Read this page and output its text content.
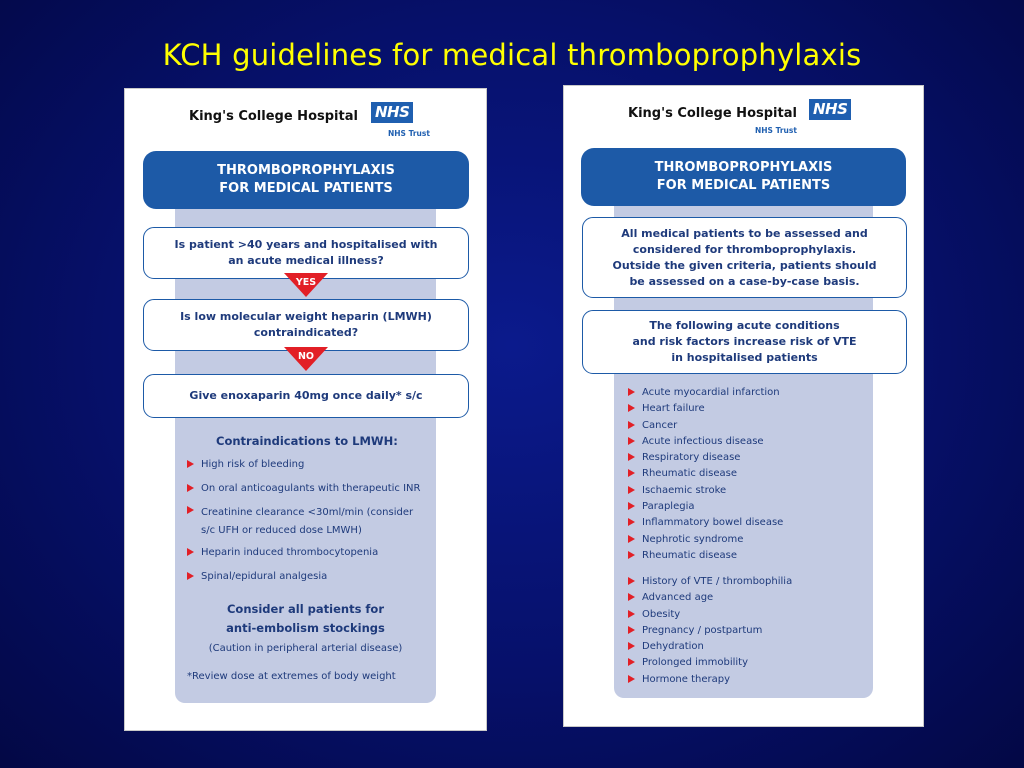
KCH guidelines for medical thromboprophylaxis
King's College Hospital NHS
NHS Trust
THROMBOPROPHYLAXIS
FOR MEDICAL PATIENTS
Is patient >40 years and hospitalised with
an acute medical illness?
YES
Is low molecular weight heparin (LMWH)
contraindicated?
NO
Give enoxaparin 40mg once daily* s/c
Contraindications to LMWH:
High risk of bleeding
On oral anticoagulants with therapeutic INR
Creatinine clearance <30ml/min (consider
s/c UFH or reduced dose LMWH)
Heparin induced thrombocytopenia
Spinal/epidural analgesia
Consider all patients for
anti-embolism stockings
(Caution in peripheral arterial disease)
*Review dose at extremes of body weight
King's College Hospital NHS
NHS Trust
THROMBOPROPHYLAXIS
FOR MEDICAL PATIENTS
All medical patients to be assessed and
considered for thromboprophylaxis.
Outside the given criteria, patients should
be assessed on a case-by-case basis.
The following acute conditions
and risk factors increase risk of VTE
in hospitalised patients
Acute myocardial infarction
Heart failure
Cancer
Acute infectious disease
Respiratory disease
Rheumatic disease
Ischaemic stroke
Paraplegia
Inflammatory bowel disease
Nephrotic syndrome
Rheumatic disease
History of VTE / thrombophilia
Advanced age
Obesity
Pregnancy / postpartum
Dehydration
Prolonged immobility
Hormone therapy
